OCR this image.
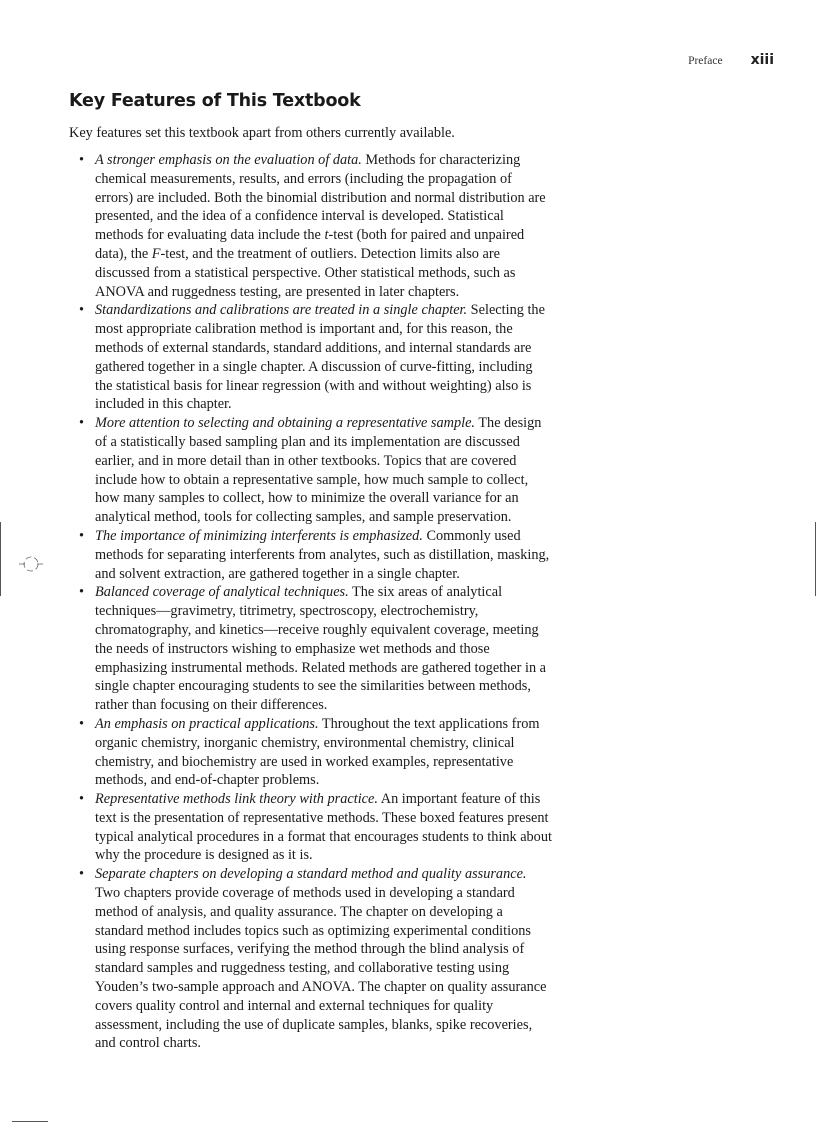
Preface xiii
Key Features of This Textbook

Key features set this textbook apart from others currently available.

• A stronger emphasis on the evaluation of data. Methods for characterizing chemical measurements, results, and errors (including the propagation of errors) are included. Both the binomial distribution and normal distribution are presented, and the idea of a confidence interval is developed. Statistical methods for evaluating data include the t-test (both for paired and unpaired data), the F-test, and the treatment of outliers. Detection limits also are discussed from a statistical perspective. Other statistical methods, such as ANOVA and ruggedness testing, are presented in later chapters.
• Standardizations and calibrations are treated in a single chapter. Selecting the most appropriate calibration method is important and, for this reason, the methods of external standards, standard additions, and internal standards are gathered together in a single chapter. A discussion of curve-fitting, including the statistical basis for linear regression (with and without weighting) also is included in this chapter.
• More attention to selecting and obtaining a representative sample. The design of a statistically based sampling plan and its implementation are discussed earlier, and in more detail than in other textbooks. Topics that are covered include how to obtain a representative sample, how much sample to collect, how many samples to collect, how to minimize the overall variance for an analytical method, tools for collecting samples, and sample preservation.
• The importance of minimizing interferents is emphasized. Commonly used methods for separating interferents from analytes, such as distillation, masking, and solvent extraction, are gathered together in a single chapter.
• Balanced coverage of analytical techniques. The six areas of analytical techniques—gravimetry, titrimetry, spectroscopy, electrochemistry, chromatography, and kinetics—receive roughly equivalent coverage, meeting the needs of instructors wishing to emphasize wet methods and those emphasizing instrumental methods. Related methods are gathered together in a single chapter encouraging students to see the similarities between methods, rather than focusing on their differences.
• An emphasis on practical applications. Throughout the text applications from organic chemistry, inorganic chemistry, environmental chemistry, clinical chemistry, and biochemistry are used in worked examples, representative methods, and end-of-chapter problems.
• Representative methods link theory with practice. An important feature of this text is the presentation of representative methods. These boxed features present typical analytical procedures in a format that encourages students to think about why the procedure is designed as it is.
• Separate chapters on developing a standard method and quality assurance. Two chapters provide coverage of methods used in developing a standard method of analysis, and quality assurance. The chapter on developing a standard method includes topics such as optimizing experimental conditions using response surfaces, verifying the method through the blind analysis of standard samples and ruggedness testing, and collaborative testing using Youden’s two-sample approach and ANOVA. The chapter on quality assurance covers quality control and internal and external techniques for quality assessment, including the use of duplicate samples, blanks, spike recoveries, and control charts.
